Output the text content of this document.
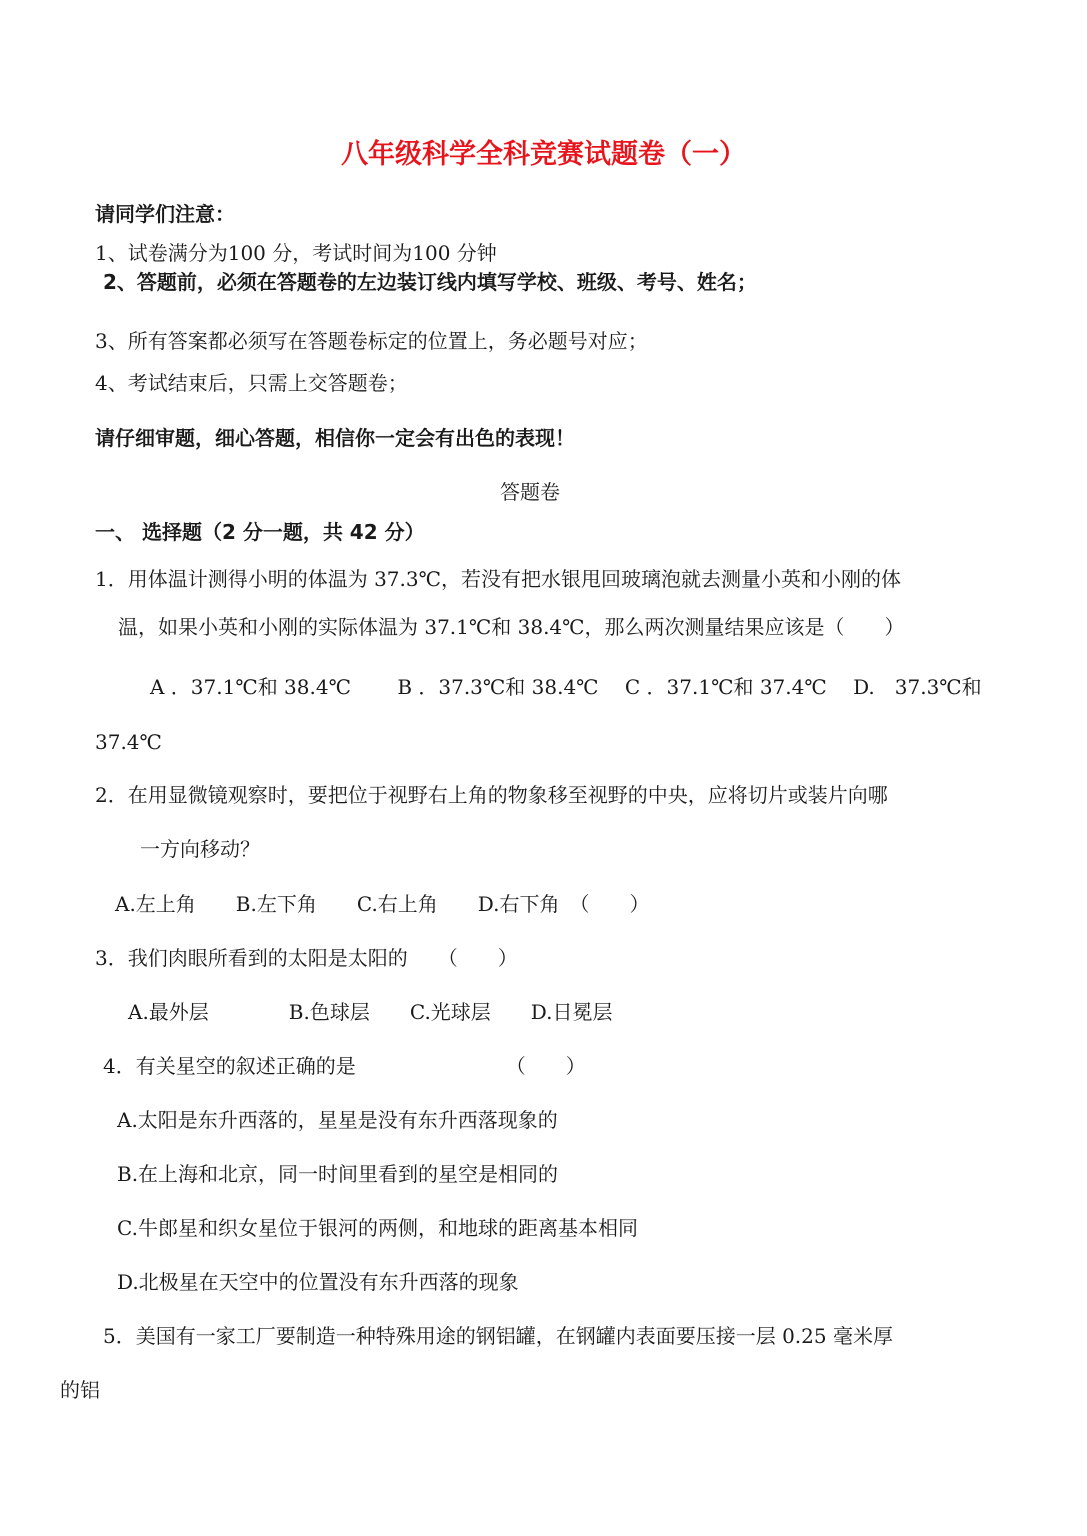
八年级科学全科竞赛试题卷（一）
请同学们注意：
1、试卷满分为100 分，考试时间为100 分钟
2、答题前，必须在答题卷的左边装订线内填写学校、班级、考号、姓名；
3、所有答案都必须写在答题卷标定的位置上，务必题号对应；
4、考试结束后，只需上交答题卷；
请仔细审题，细心答题，相信你一定会有出色的表现！
答题卷
一、 选择题（2 分一题，共 42 分）
1．用体温计测得小明的体温为 37.3℃，若没有把水银甩回玻璃泡就去测量小英和小刚的体
温，如果小英和小刚的实际体温为 37.1℃和 38.4℃，那么两次测量结果应该是（　　）
A ．37.1℃和 38.4℃　　 B ．37.3℃和 38.4℃　 C ．37.1℃和 37.4℃　 D.　37.3℃和
37.4℃
2．在用显微镜观察时，要把位于视野右上角的物象移至视野的中央，应将切片或装片向哪
一方向移动？
A.左上角　　B.左下角　　C.右上角　　D.右下角　（　　）
3．我们肉眼所看到的太阳是太阳的　　（　　）
A.最外层　　　　B.色球层　　C.光球层　　D.日冕层
4．有关星空的叙述正确的是　　　　　　　　（　　）
A.太阳是东升西落的，星星是没有东升西落现象的
B.在上海和北京，同一时间里看到的星空是相同的
C.牛郎星和织女星位于银河的两侧，和地球的距离基本相同
D.北极星在天空中的位置没有东升西落的现象
5．美国有一家工厂要制造一种特殊用途的钢铝罐，在钢罐内表面要压接一层 0.25 毫米厚
的铝
